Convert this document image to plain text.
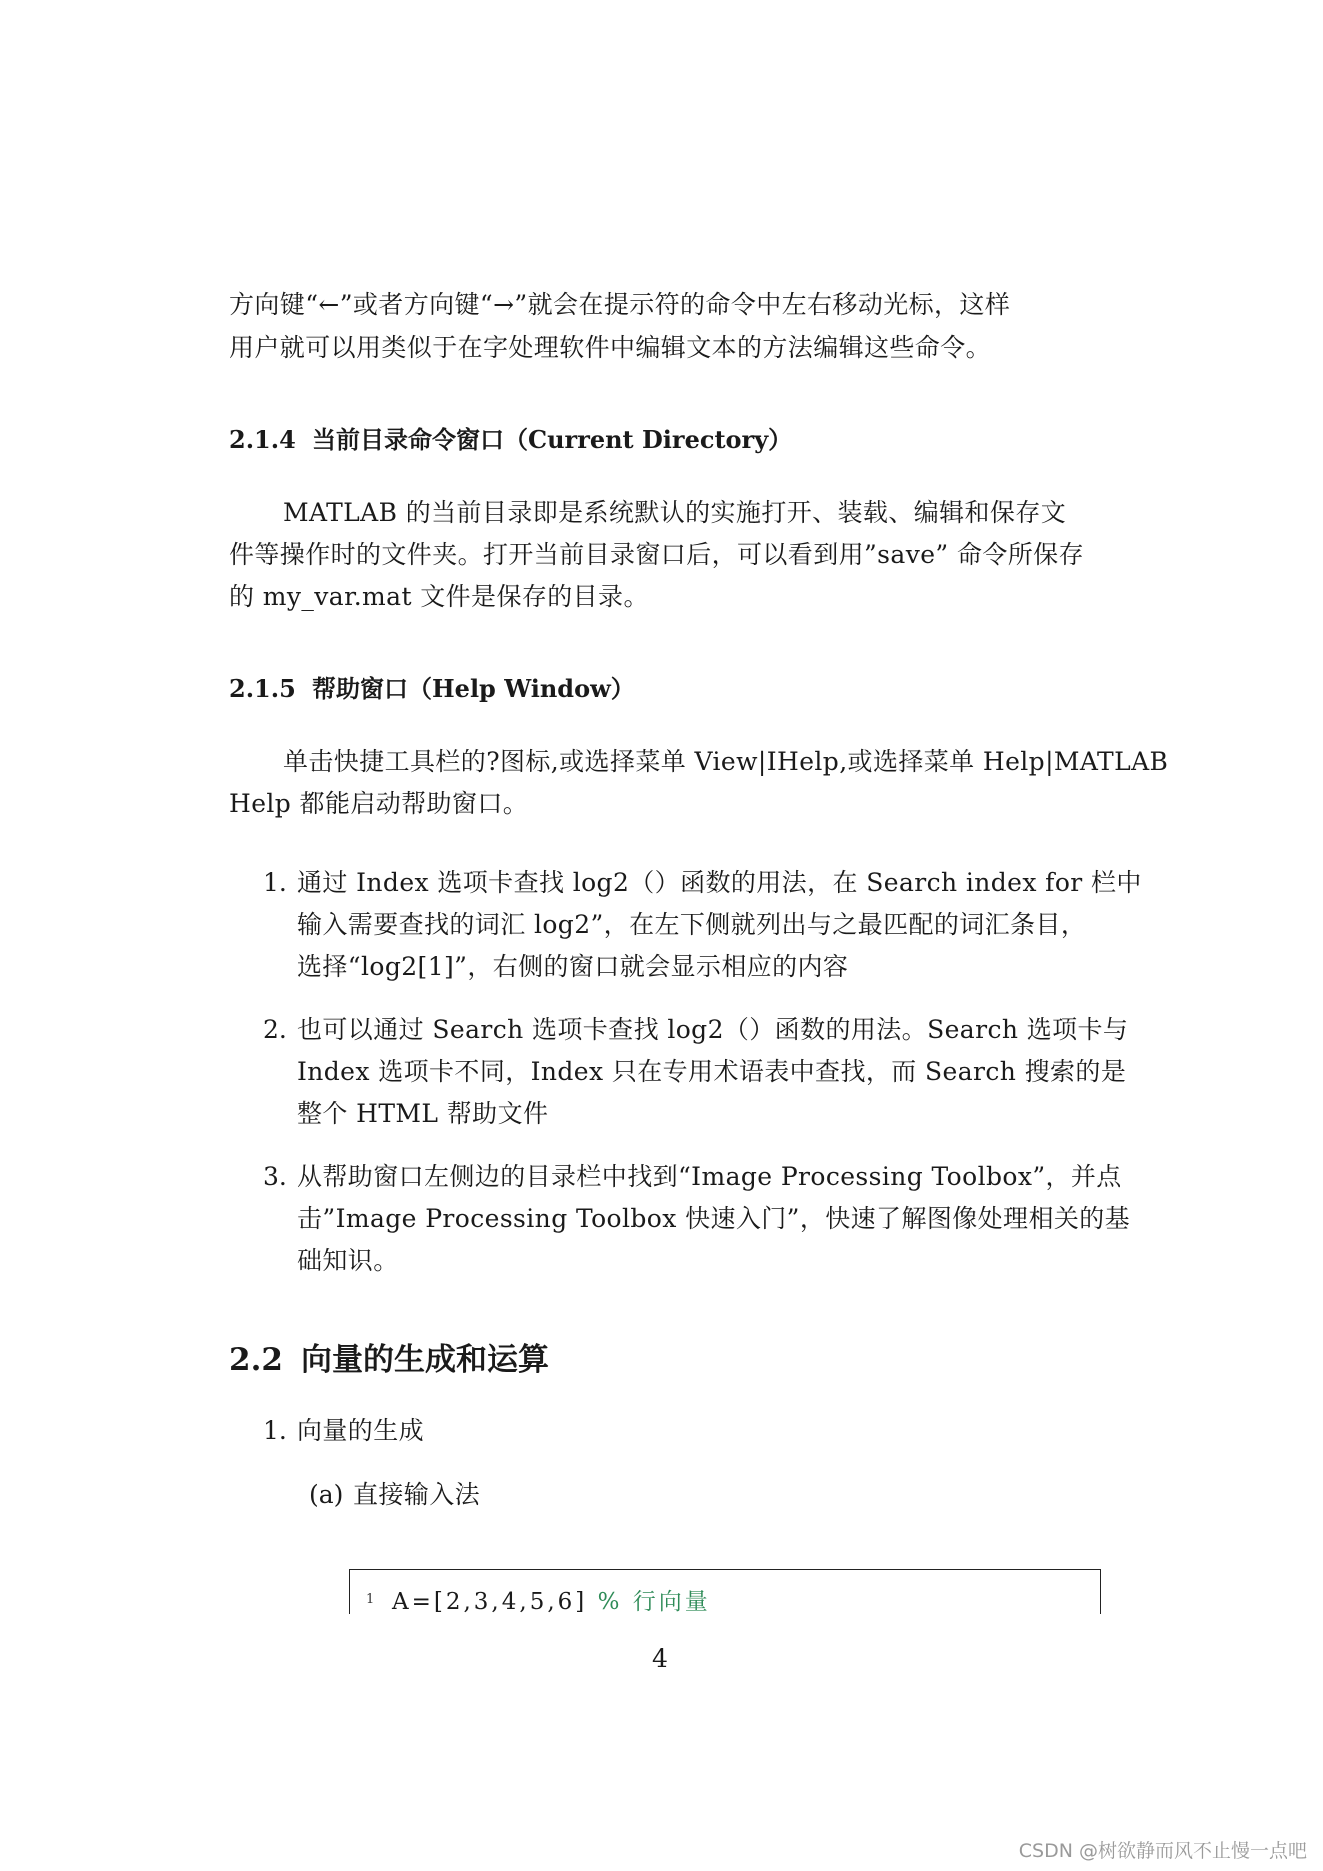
方向键“←”或者方向键“→”就会在提示符的命令中左右移动光标，这样
用户就可以用类似于在字处理软件中编辑文本的方法编辑这些命令。
2.1.4 当前目录命令窗口（Current Directory）
MATLAB 的当前目录即是系统默认的实施打开、装载、编辑和保存文
件等操作时的文件夹。打开当前目录窗口后，可以看到用”save” 命令所保存
的 my_var.mat 文件是保存的目录。
2.1.5 帮助窗口（Help Window）
单击快捷工具栏的?图标,或选择菜单 View|IHelp,或选择菜单 Help|MATLAB
Help 都能启动帮助窗口。
1. 通过 Index 选项卡查找 log2（）函数的用法，在 Search index for 栏中
输入需要查找的词汇 log2”，在左下侧就列出与之最匹配的词汇条目，
选择“log2[1]”，右侧的窗口就会显示相应的内容
2. 也可以通过 Search 选项卡查找 log2（）函数的用法。Search 选项卡与
Index 选项卡不同，Index 只在专用术语表中查找，而 Search 搜索的是
整个 HTML 帮助文件
3. 从帮助窗口左侧边的目录栏中找到“Image Processing Toolbox”，并点
击”Image Processing Toolbox 快速入门”，快速了解图像处理相关的基
础知识。
2.2 向量的生成和运算
1. 向量的生成
(a) 直接输入法
1 A=[2,3,4,5,6] % 行向量
4
CSDN @树欲静而风不止慢一点吧
